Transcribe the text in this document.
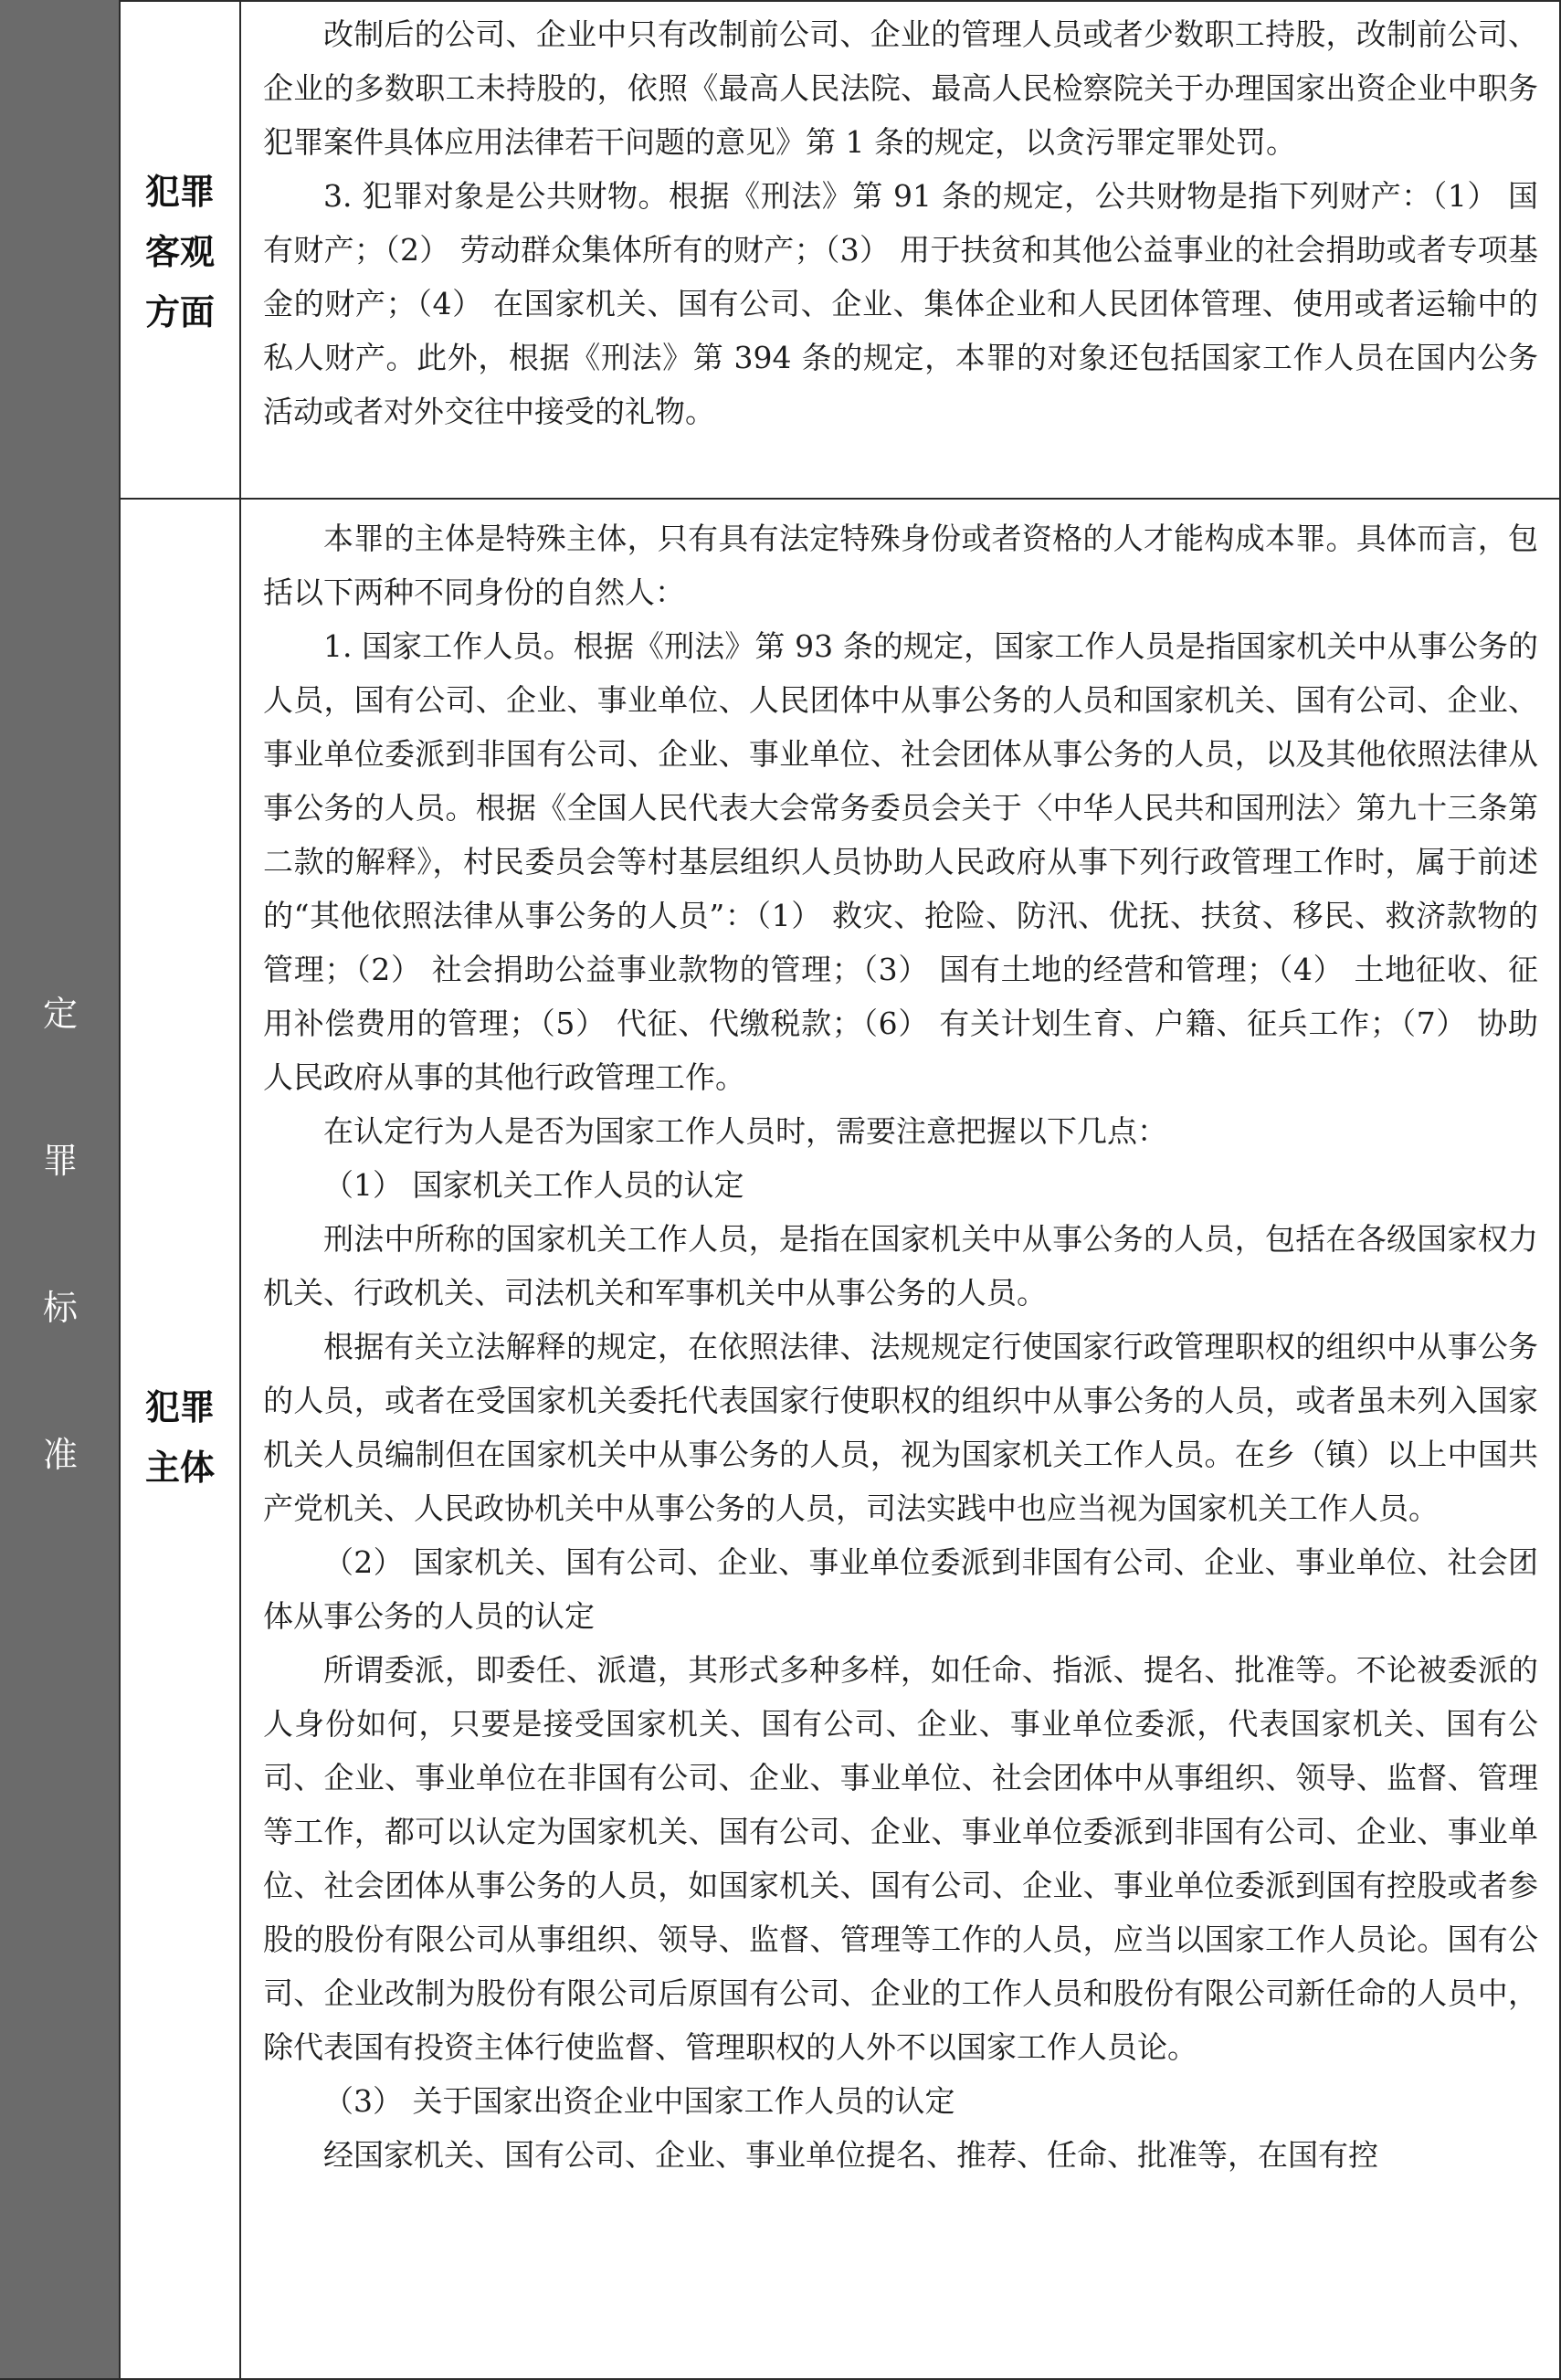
定
罪
标
准
犯罪
客观
方面
犯罪
主体

改制后的公司、企业中只有改制前公司、企业的管理人员或者少数职工持股，改制前公司、企业的多数职工未持股的，依照《最高人民法院、最高人民检察院关于办理国家出资企业中职务犯罪案件具体应用法律若干问题的意见》第 1 条的规定，以贪污罪定罪处罚。

3. 犯罪对象是公共财物。根据《刑法》第 91 条的规定，公共财物是指下列财产：（1） 国有财产；（2） 劳动群众集体所有的财产；（3） 用于扶贫和其他公益事业的社会捐助或者专项基金的财产；（4） 在国家机关、国有公司、企业、集体企业和人民团体管理、使用或者运输中的私人财产。此外，根据《刑法》第 394 条的规定，本罪的对象还包括国家工作人员在国内公务活动或者对外交往中接受的礼物。

本罪的主体是特殊主体，只有具有法定特殊身份或者资格的人才能构成本罪。具体而言，包括以下两种不同身份的自然人：

1. 国家工作人员。根据《刑法》第 93 条的规定，国家工作人员是指国家机关中从事公务的人员，国有公司、企业、事业单位、人民团体中从事公务的人员和国家机关、国有公司、企业、事业单位委派到非国有公司、企业、事业单位、社会团体从事公务的人员，以及其他依照法律从事公务的人员。根据《全国人民代表大会常务委员会关于〈中华人民共和国刑法〉第九十三条第二款的解释》，村民委员会等村基层组织人员协助人民政府从事下列行政管理工作时，属于前述的“其他依照法律从事公务的人员”：（1） 救灾、抢险、防汛、优抚、扶贫、移民、救济款物的管理；（2） 社会捐助公益事业款物的管理；（3） 国有土地的经营和管理；（4） 土地征收、征用补偿费用的管理；（5） 代征、代缴税款；（6） 有关计划生育、户籍、征兵工作；（7） 协助人民政府从事的其他行政管理工作。

在认定行为人是否为国家工作人员时，需要注意把握以下几点：

（1） 国家机关工作人员的认定

刑法中所称的国家机关工作人员，是指在国家机关中从事公务的人员，包括在各级国家权力机关、行政机关、司法机关和军事机关中从事公务的人员。

根据有关立法解释的规定，在依照法律、法规规定行使国家行政管理职权的组织中从事公务的人员，或者在受国家机关委托代表国家行使职权的组织中从事公务的人员，或者虽未列入国家机关人员编制但在国家机关中从事公务的人员，视为国家机关工作人员。在乡（镇）以上中国共产党机关、人民政协机关中从事公务的人员，司法实践中也应当视为国家机关工作人员。

（2） 国家机关、国有公司、企业、事业单位委派到非国有公司、企业、事业单位、社会团体从事公务的人员的认定

所谓委派，即委任、派遣，其形式多种多样，如任命、指派、提名、批准等。不论被委派的人身份如何，只要是接受国家机关、国有公司、企业、事业单位委派，代表国家机关、国有公司、企业、事业单位在非国有公司、企业、事业单位、社会团体中从事组织、领导、监督、管理等工作，都可以认定为国家机关、国有公司、企业、事业单位委派到非国有公司、企业、事业单位、社会团体从事公务的人员，如国家机关、国有公司、企业、事业单位委派到国有控股或者参股的股份有限公司从事组织、领导、监督、管理等工作的人员，应当以国家工作人员论。国有公司、企业改制为股份有限公司后原国有公司、企业的工作人员和股份有限公司新任命的人员中，除代表国有投资主体行使监督、管理职权的人外不以国家工作人员论。

（3） 关于国家出资企业中国家工作人员的认定

经国家机关、国有公司、企业、事业单位提名、推荐、任命、批准等，在国有控
